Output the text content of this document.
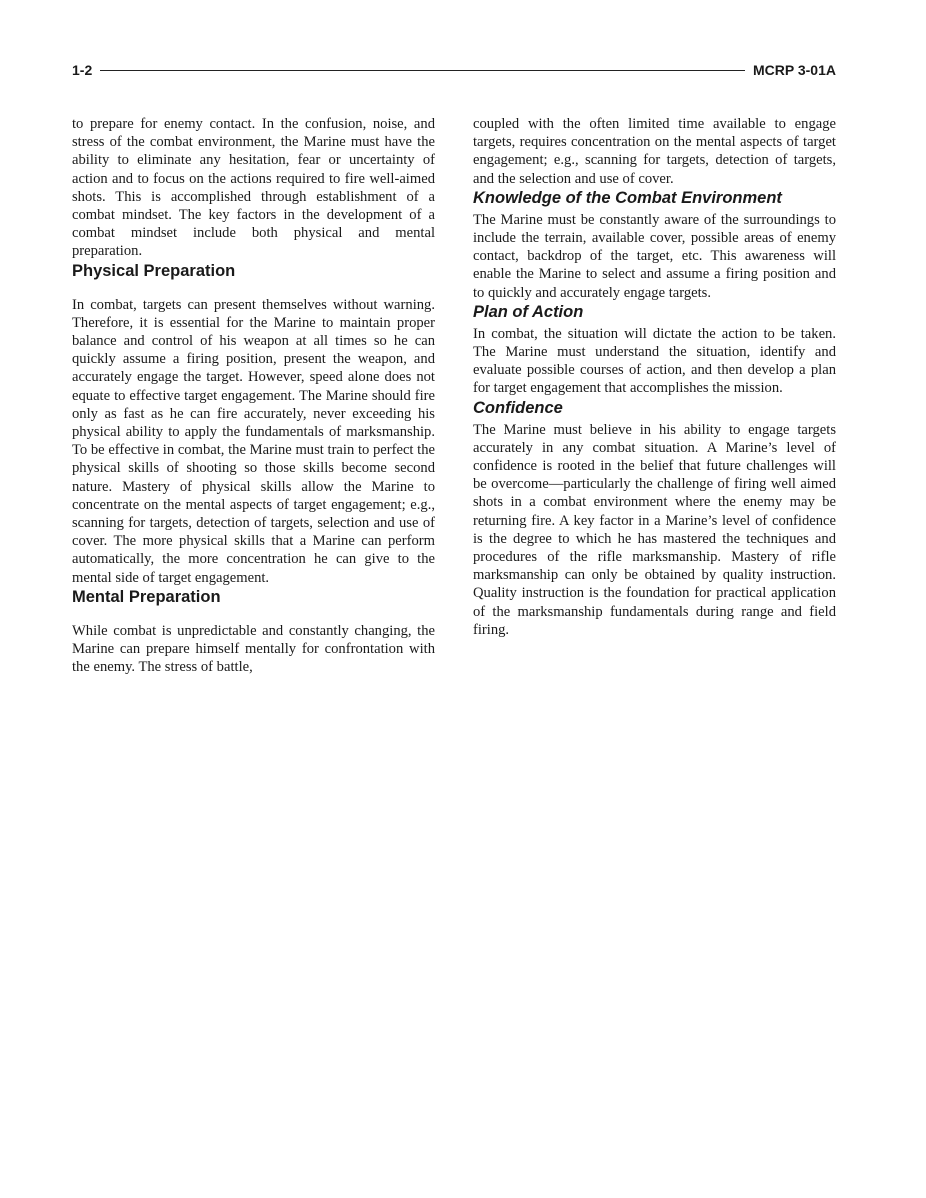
1-2	MCRP 3-01A

to prepare for enemy contact. In the confusion, noise, and stress of the combat environment, the Marine must have the ability to eliminate any hesitation, fear or uncertainty of action and to focus on the actions required to fire well-aimed shots. This is accomplished through establishment of a combat mindset. The key factors in the development of a combat mindset include both physical and mental preparation.

Physical Preparation

In combat, targets can present themselves without warning. Therefore, it is essential for the Marine to maintain proper balance and control of his weapon at all times so he can quickly assume a firing position, present the weapon, and accurately engage the target. However, speed alone does not equate to effective target engagement. The Marine should fire only as fast as he can fire accurately, never exceeding his physical ability to apply the fundamentals of marksmanship. To be effective in combat, the Marine must train to perfect the physical skills of shooting so those skills become second nature. Mastery of physical skills allow the Marine to concentrate on the mental aspects of target engagement; e.g., scanning for targets, detection of targets, selection and use of cover. The more physical skills that a Marine can perform automatically, the more concentration he can give to the mental side of target engagement.

Mental Preparation

While combat is unpredictable and constantly changing, the Marine can prepare himself mentally for confrontation with the enemy. The stress of battle,

coupled with the often limited time available to engage targets, requires concentration on the mental aspects of target engagement; e.g., scanning for targets, detection of targets, and the selection and use of cover.

Knowledge of the Combat Environment

The Marine must be constantly aware of the surroundings to include the terrain, available cover, possible areas of enemy contact, backdrop of the target, etc. This awareness will enable the Marine to select and assume a firing position and to quickly and accurately engage targets.

Plan of Action

In combat, the situation will dictate the action to be taken. The Marine must understand the situation, identify and evaluate possible courses of action, and then develop a plan for target engagement that accomplishes the mission.

Confidence

The Marine must believe in his ability to engage targets accurately in any combat situation. A Marine’s level of confidence is rooted in the belief that future challenges will be overcome—particularly the challenge of firing well aimed shots in a combat environment where the enemy may be returning fire. A key factor in a Marine’s level of confidence is the degree to which he has mastered the techniques and procedures of the rifle marksmanship. Mastery of rifle marksmanship can only be obtained by quality instruction. Quality instruction is the foundation for practical application of the marksmanship fundamentals during range and field firing.
